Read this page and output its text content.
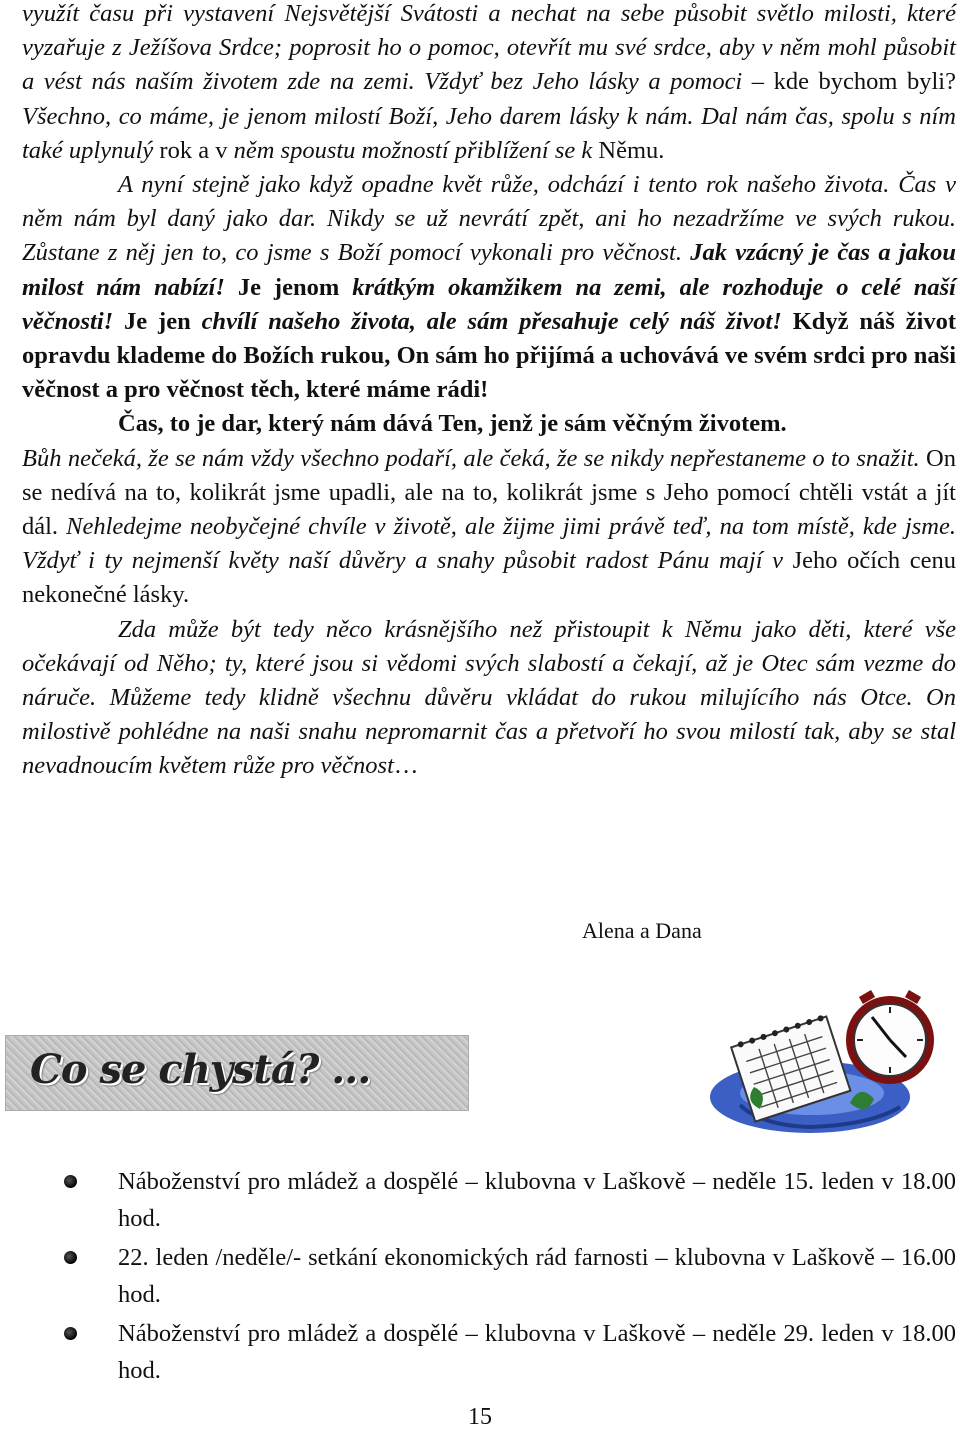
využít času při vystavení Nejsvětější Svátosti a nechat na sebe působit světlo milosti, které vyzařuje z Ježíšova Srdce; poprosit ho o pomoc, otevřít mu své srdce, aby v něm mohl působit a vést nás naším životem zde na zemi. Vždyť bez Jeho lásky a pomoci – kde bychom byli? Všechno, co máme, je jenom milostí Boží, Jeho darem lásky k nám. Dal nám čas, spolu s ním také uplynulý rok a v něm spoustu možností přiblížení se k Němu.
A nyní stejně jako když opadne květ růže, odchází i tento rok našeho života. Čas v něm nám byl daný jako dar. Nikdy se už nevrátí zpět, ani ho nezadržíme ve svých rukou. Zůstane z něj jen to, co jsme s Boží pomocí vykonali pro věčnost. Jak vzácný je čas a jakou milost nám nabízí! Je jenom krátkým okamžikem na zemi, ale rozhoduje o celé naší věčnosti! Je jen chvílí našeho života, ale sám přesahuje celý náš život! Když náš život opravdu klademe do Božích rukou, On sám ho přijímá a uchovává ve svém srdci pro naši věčnost a pro věčnost těch, které máme rádi!
Čas, to je dar, který nám dává Ten, jenž je sám věčným životem.
Bůh nečeká, že se nám vždy všechno podaří, ale čeká, že se nikdy nepřestaneme o to snažit. On se nedívá na to, kolikrát jsme upadli, ale na to, kolikrát jsme s Jeho pomocí chtěli vstát a jít dál. Nehledejme neobyčejné chvíle v životě, ale žijme jimi právě teď, na tom místě, kde jsme. Vždyť i ty nejmenší květy naší důvěry a snahy působit radost Pánu mají v Jeho očích cenu nekonečné lásky.
Zda může být tedy něco krásnějšího než přistoupit k Němu jako děti, které vše očekávají od Něho; ty, které jsou si vědomi svých slabostí a čekají, až je Otec sám vezme do náruče. Můžeme tedy klidně všechnu důvěru vkládat do rukou milujícího nás Otce. On milostivě pohlédne na naši snahu nepromarnit čas a přetvoří ho svou milostí tak, aby se stal nevadnoucím květem růže pro věčnost…

Alena a Dana
Co se chystá? …
Náboženství pro mládež a dospělé – klubovna v Laškově – neděle 15. leden v 18.00 hod.
22. leden /neděle/- setkání ekonomických rád farnosti – klubovna v Laškově – 16.00 hod.
Náboženství pro mládež a dospělé – klubovna v Laškově – neděle 29. leden v 18.00 hod.
15
